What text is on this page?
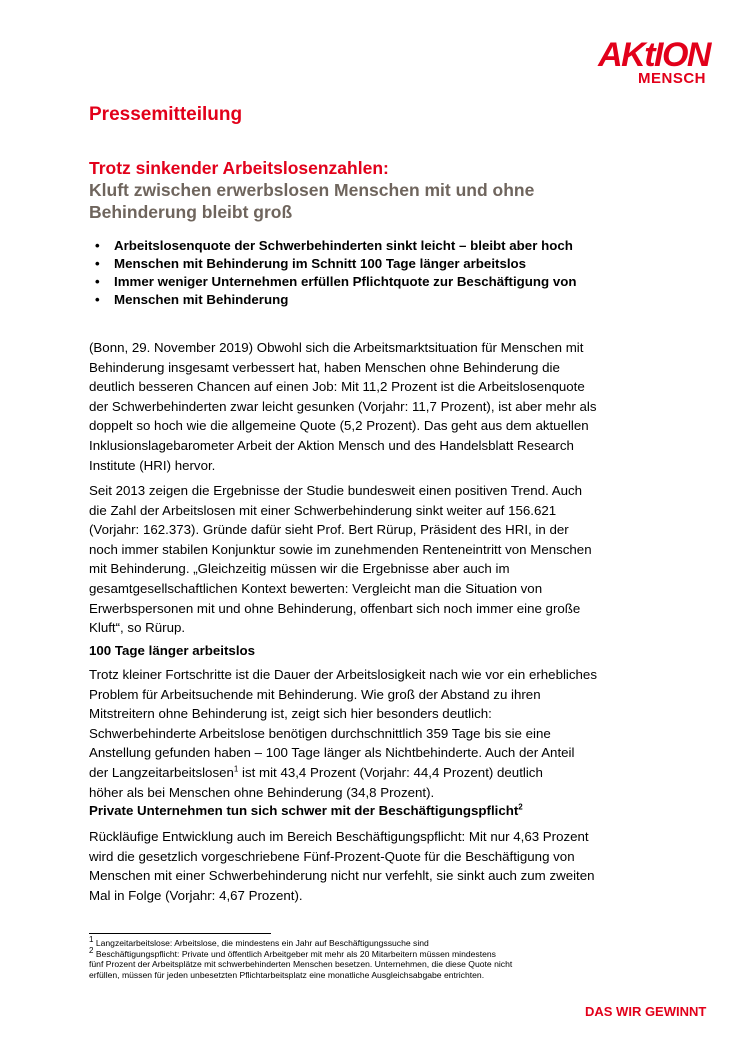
AKtION
MENSCH
Pressemitteilung
Trotz sinkender Arbeitslosenzahlen:
Kluft zwischen erwerbslosen Menschen mit und ohne
Behinderung bleibt groß
• Arbeitslosenquote der Schwerbehinderten sinkt leicht – bleibt aber hoch
• Menschen mit Behinderung im Schnitt 100 Tage länger arbeitslos
• Immer weniger Unternehmen erfüllen Pflichtquote zur Beschäftigung von
• Menschen mit Behinderung
(Bonn, 29. November 2019) Obwohl sich die Arbeitsmarktsituation für Menschen mit
Behinderung insgesamt verbessert hat, haben Menschen ohne Behinderung die
deutlich besseren Chancen auf einen Job: Mit 11,2 Prozent ist die Arbeitslosenquote
der Schwerbehinderten zwar leicht gesunken (Vorjahr: 11,7 Prozent), ist aber mehr als
doppelt so hoch wie die allgemeine Quote (5,2 Prozent). Das geht aus dem aktuellen
Inklusionslagebarometer Arbeit der Aktion Mensch und des Handelsblatt Research
Institute (HRI) hervor.
Seit 2013 zeigen die Ergebnisse der Studie bundesweit einen positiven Trend. Auch
die Zahl der Arbeitslosen mit einer Schwerbehinderung sinkt weiter auf 156.621
(Vorjahr: 162.373). Gründe dafür sieht Prof. Bert Rürup, Präsident des HRI, in der
noch immer stabilen Konjunktur sowie im zunehmenden Renteneintritt von Menschen
mit Behinderung. „Gleichzeitig müssen wir die Ergebnisse aber auch im
gesamtgesellschaftlichen Kontext bewerten: Vergleicht man die Situation von
Erwerbspersonen mit und ohne Behinderung, offenbart sich noch immer eine große
Kluft“, so Rürup.
100 Tage länger arbeitslos
Trotz kleiner Fortschritte ist die Dauer der Arbeitslosigkeit nach wie vor ein erhebliches
Problem für Arbeitsuchende mit Behinderung. Wie groß der Abstand zu ihren
Mitstreitern ohne Behinderung ist, zeigt sich hier besonders deutlich:
Schwerbehinderte Arbeitslose benötigen durchschnittlich 359 Tage bis sie eine
Anstellung gefunden haben – 100 Tage länger als Nichtbehinderte. Auch der Anteil
der Langzeitarbeitslosen$^1$ ist mit 43,4 Prozent (Vorjahr: 44,4 Prozent) deutlich
höher als bei Menschen ohne Behinderung (34,8 Prozent).
Private Unternehmen tun sich schwer mit der Beschäftigungspflicht$^2$
Rückläufige Entwicklung auch im Bereich Beschäftigungspflicht: Mit nur 4,63 Prozent
wird die gesetzlich vorgeschriebene Fünf-Prozent-Quote für die Beschäftigung von
Menschen mit einer Schwerbehinderung nicht nur verfehlt, sie sinkt auch zum zweiten
Mal in Folge (Vorjahr: 4,67 Prozent).
$^1$ Langzeitarbeitslose: Arbeitslose, die mindestens ein Jahr auf Beschäftigungssuche sind
$^2$ Beschäftigungspflicht: Private und öffentlich Arbeitgeber mit mehr als 20 Mitarbeitern müssen mindestens
fünf Prozent der Arbeitsplätze mit schwerbehinderten Menschen besetzen. Unternehmen, die diese Quote nicht
erfüllen, müssen für jeden unbesetzten Pflichtarbeitsplatz eine monatliche Ausgleichsabgabe entrichten.
DAS WIR GEWINNT
